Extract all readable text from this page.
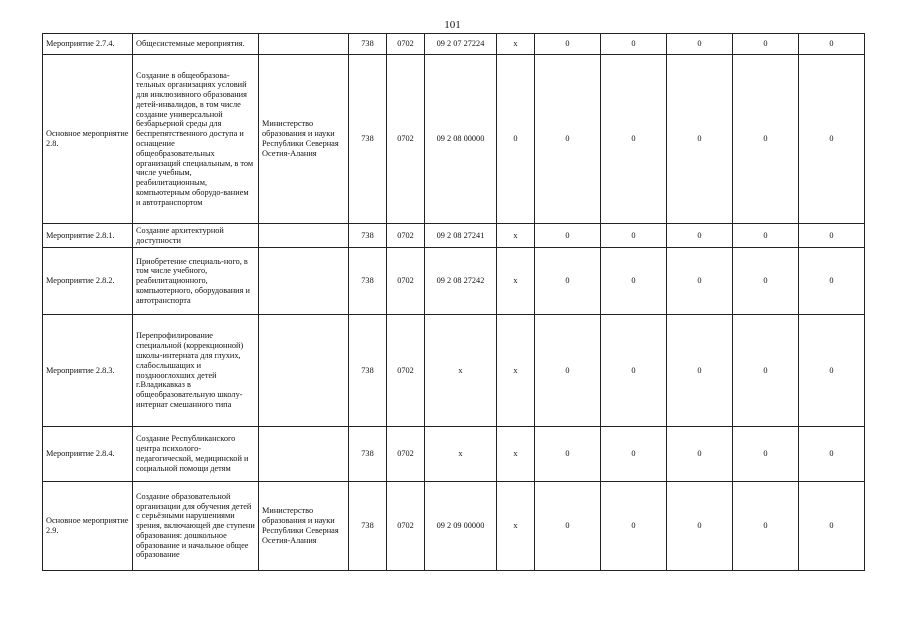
101
Мероприятие 2.7.4.	Общесистемные мероприятия.		738	0702	09 2 07 27224	x	0	0	0	0	0
Основное мероприятие 2.8.	Создание в общеобразова-тельных организациях условий для инклюзивного образования детей-инвалидов, в том числе создание универсальной безбарьерной среды для беспрепятственного доступа и оснащение общеобразовательных организаций специальным, в том числе учебным, реабилитационным, компьютерным оборудо-ванием и автотранспортом	Министерство образования и науки Республики Северная Осетия-Алания	738	0702	09 2 08 00000	0	0	0	0	0	0
Мероприятие 2.8.1.	Создание архитектурной доступности		738	0702	09 2 08 27241	x	0	0	0	0	0
Мероприятие 2.8.2.	Приобретение специаль-ного, в том числе учебного, реабилитационного, компьютерного, оборудования и автотранспорта		738	0702	09 2 08 27242	x	0	0	0	0	0
Мероприятие 2.8.3.	Перепрофилирование специальной (коррекционной) школы-интерната для глухих, слабослышащих и позднооглохших детей г.Владикавказ в общеобразовательную школу-интернат смешанного типа		738	0702	x	x	0	0	0	0	0
Мероприятие 2.8.4.	Создание Республиканского центра психолого-педагогической, медицинской и социальной помощи детям		738	0702	x	x	0	0	0	0	0
Основное мероприятие 2.9.	Создание образовательной организации для обучения детей с серьёзными нарушениями зрения, включающей две ступени образования: дошкольное образование и начальное общее образование	Министерство образования и науки Республики Северная Осетия-Алания	738	0702	09 2 09 00000	x	0	0	0	0	0
